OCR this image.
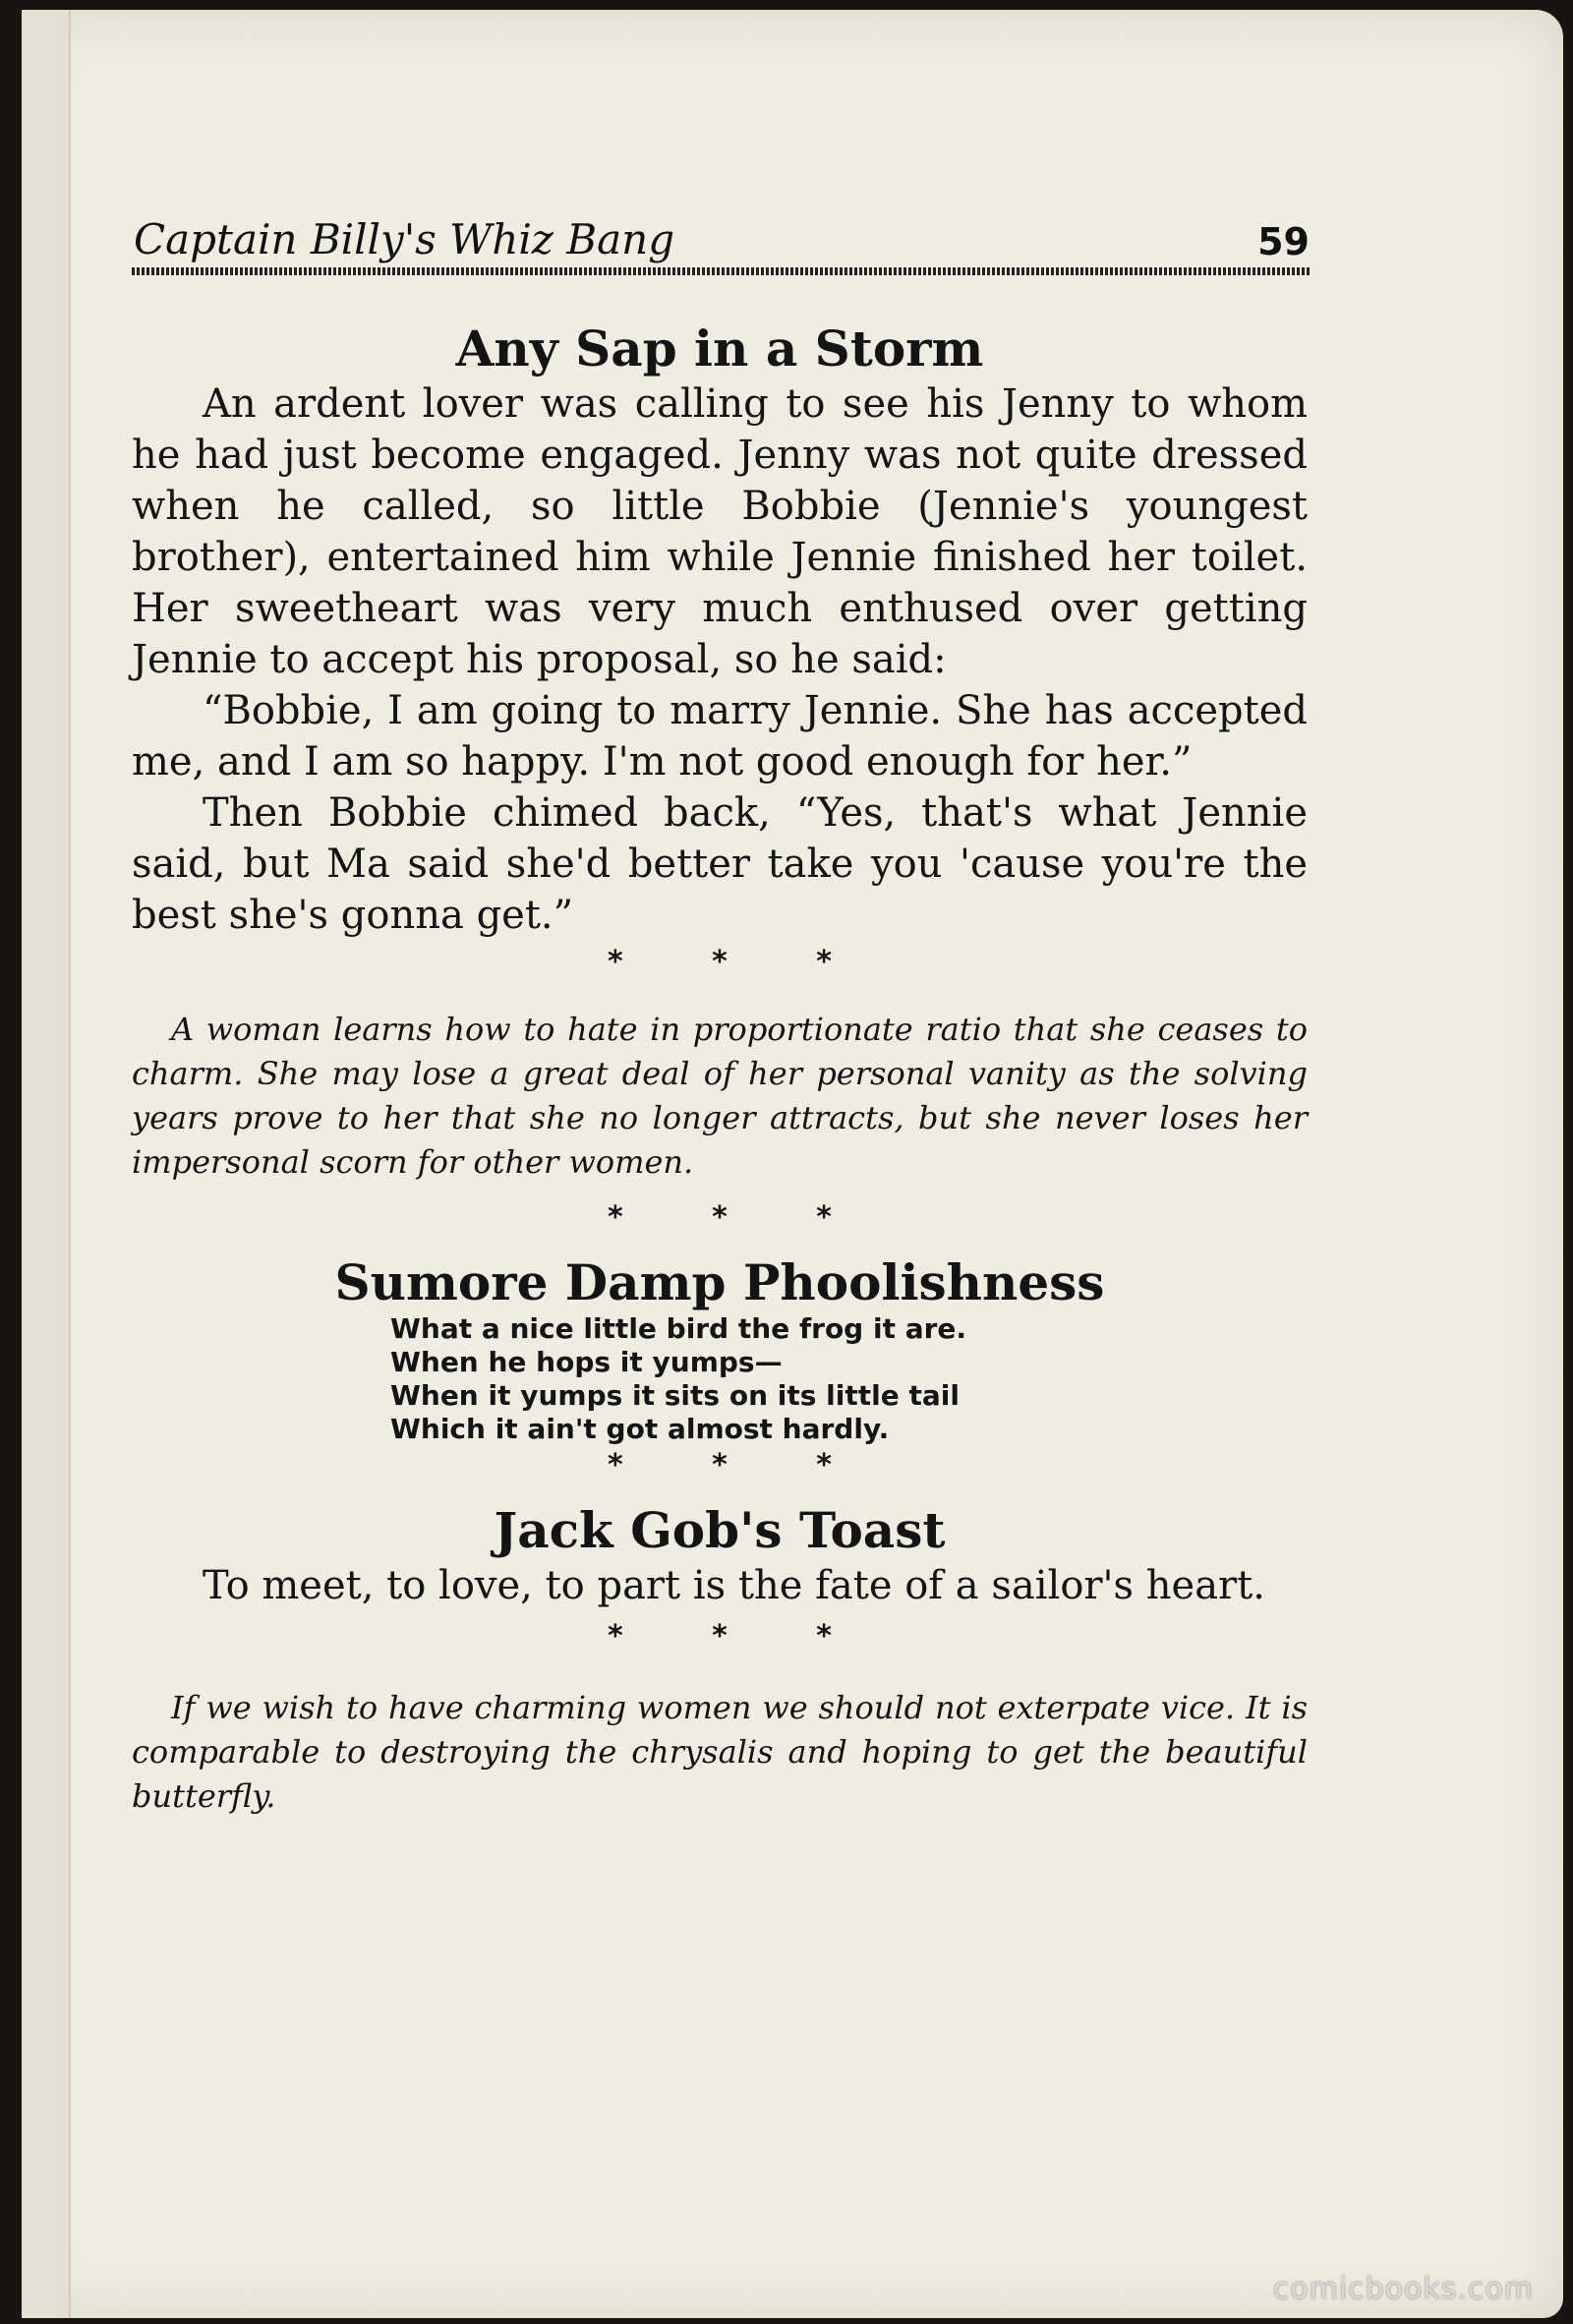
Captain Billy's Whiz Bang	59
Any Sap in a Storm

An ardent lover was calling to see his Jenny to whom he had just become engaged. Jenny was not quite dressed when he called, so little Bobbie (Jennie's youngest brother), entertained him while Jennie finished her toilet. Her sweetheart was very much enthused over getting Jennie to accept his proposal, so he said:

“Bobbie, I am going to marry Jennie. She has accepted me, and I am so happy. I'm not good enough for her.”

Then Bobbie chimed back, “Yes, that's what Jennie said, but Ma said she'd better take you 'cause you're the best she's gonna get.”

* * *

A woman learns how to hate in proportionate ratio that she ceases to charm. She may lose a great deal of her personal vanity as the solving years prove to her that she no longer attracts, but she never loses her impersonal scorn for other women.

* * *

Sumore Damp Phoolishness
What a nice little bird the frog it are.
When he hops it yumps—
When it yumps it sits on its little tail
Which it ain't got almost hardly.

* * *

Jack Gob's Toast

To meet, to love, to part is the fate of a sailor's heart.

* * *

If we wish to have charming women we should not exterpate vice. It is comparable to destroying the chrysalis and hoping to get the beautiful butterfly.

comicbooks.com
